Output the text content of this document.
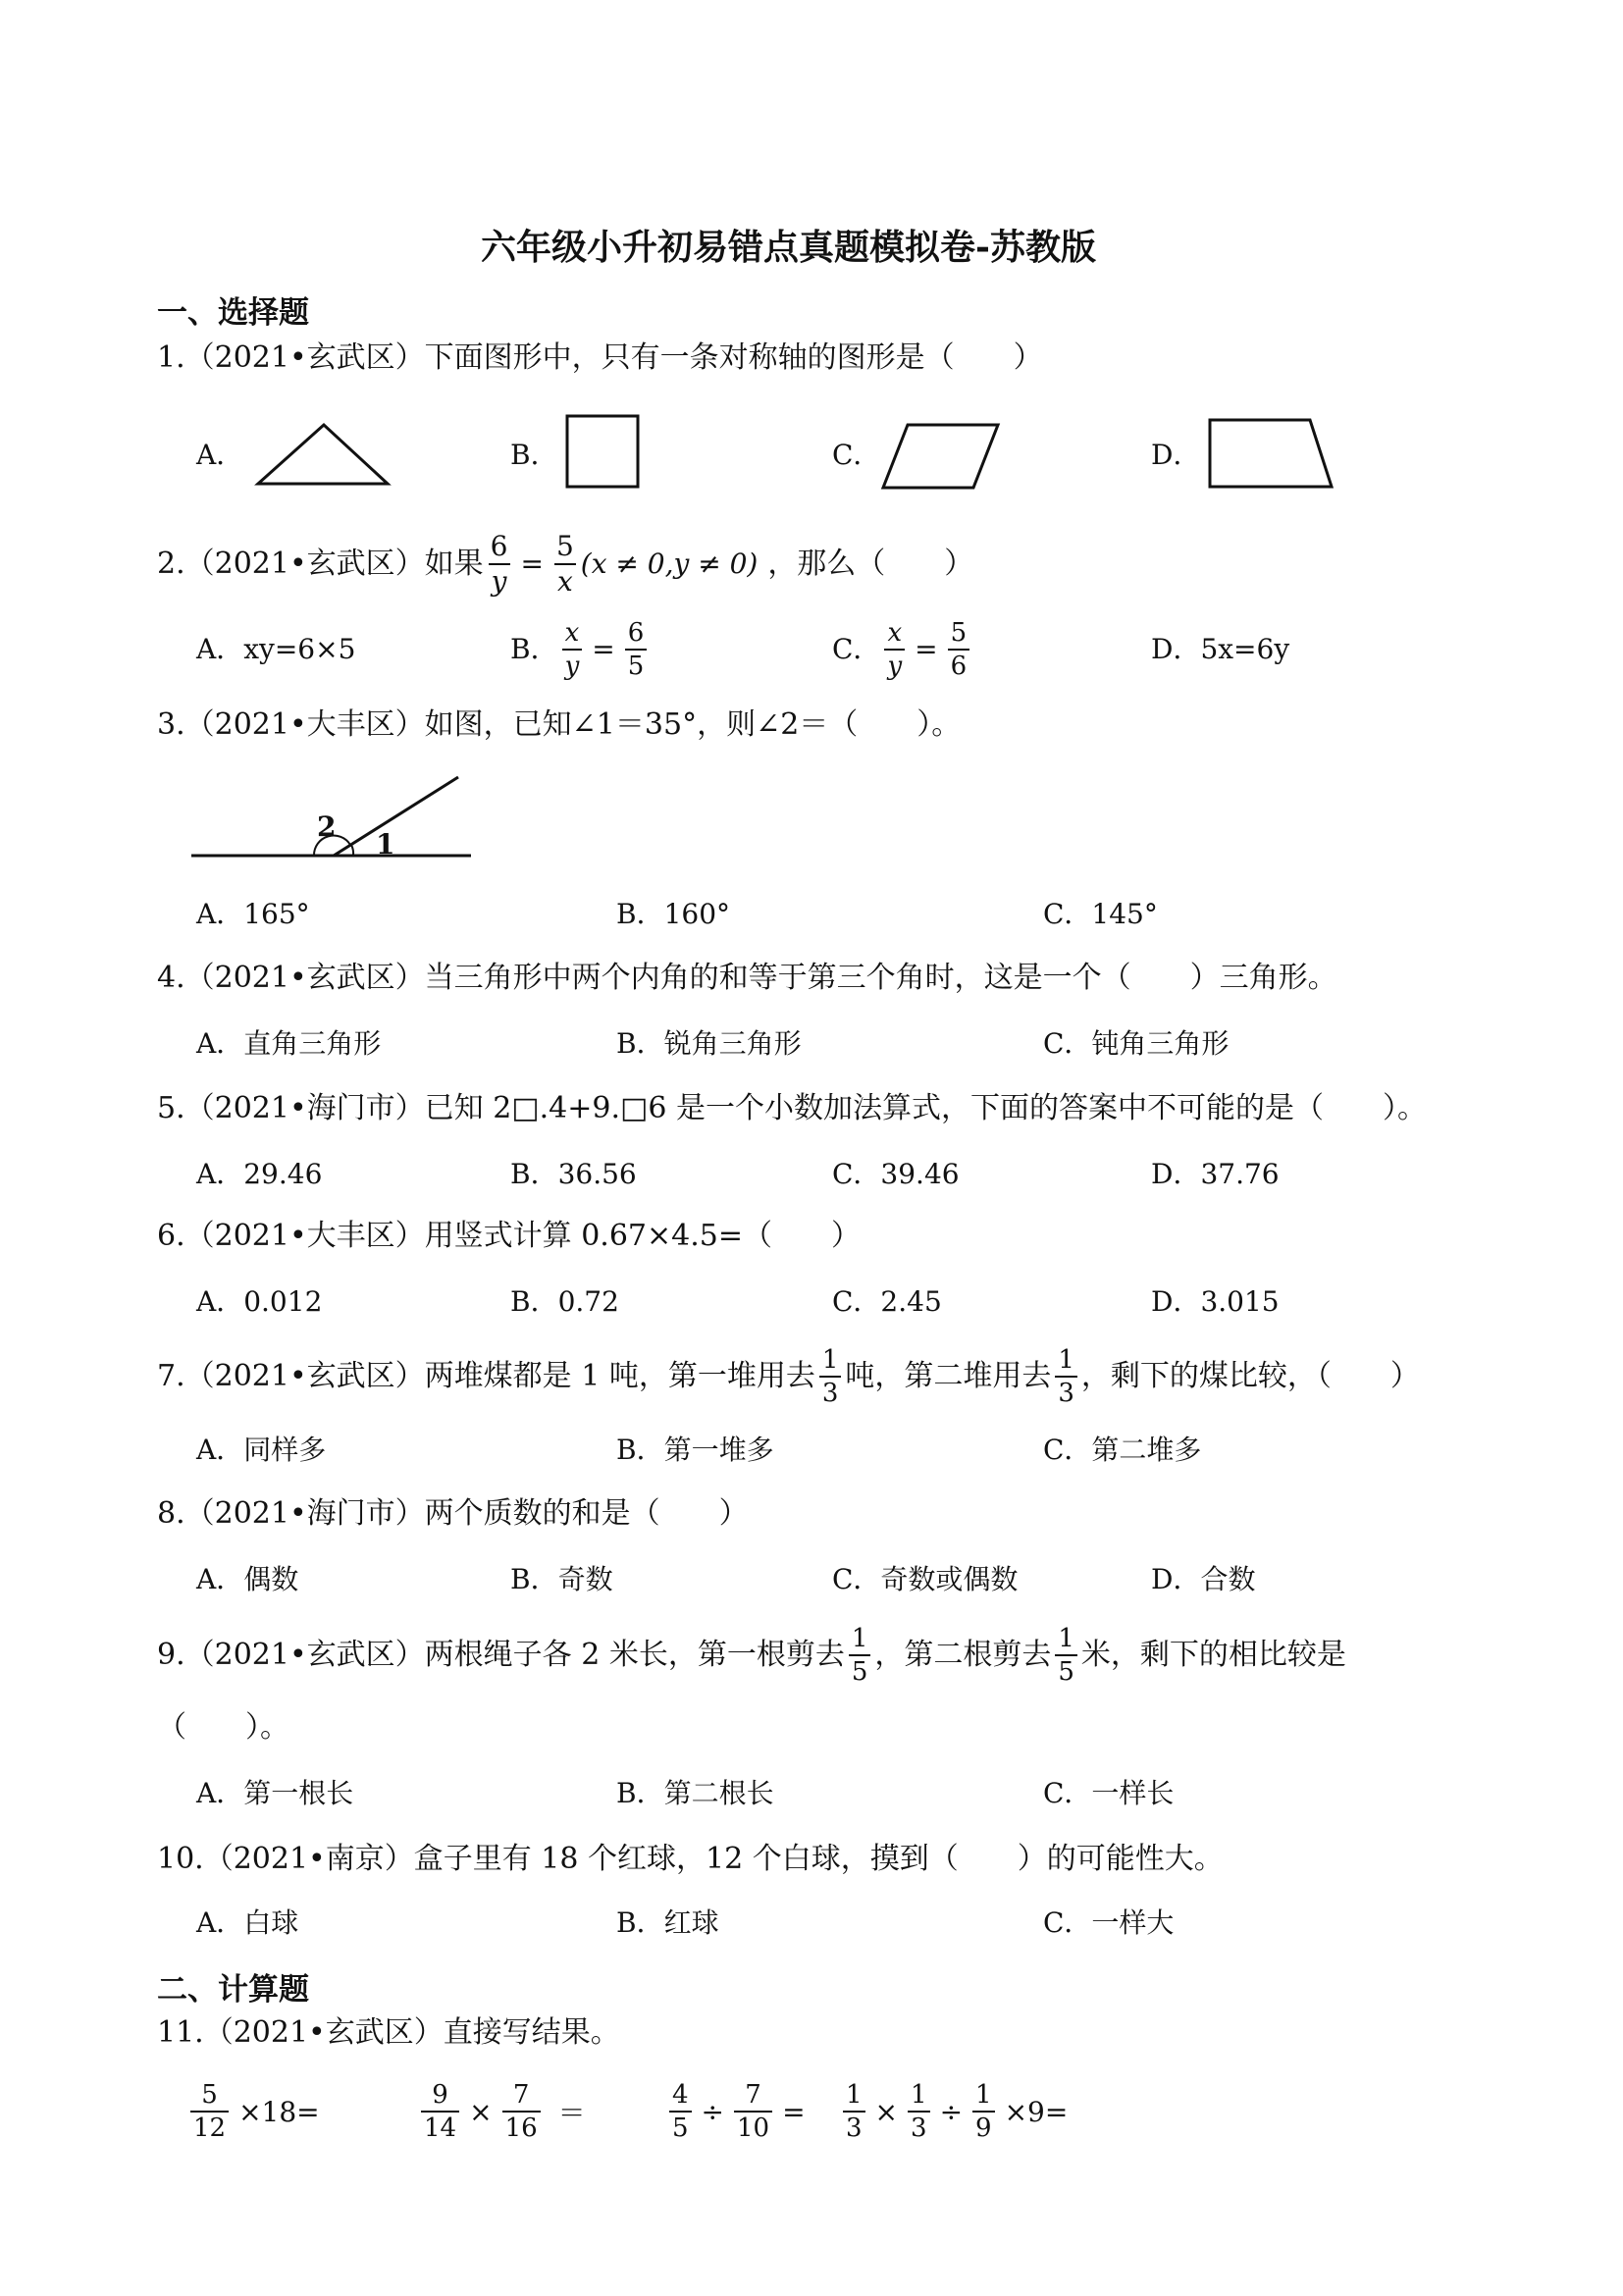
六年级小升初易错点真题模拟卷-苏教版
一、选择题
1.（2021•玄武区）下面图形中，只有一条对称轴的图形是（　　）
A．	B．	C．	D．
2.（2021•玄武区）如果 $\frac{6}{y} = \frac{5}{x} (x \ne 0,y \ne 0)$ ，那么（　　）
A．xy=6×5	B． $\frac{x}{y} = \frac{6}{5}$	C． $\frac{x}{y} = \frac{5}{6}$	D．5x=6y
3.（2021•大丰区）如图，已知∠1＝35°，则∠2＝（　　）。
1
2
A．165°	B．160°	C．145°
4.（2021•玄武区）当三角形中两个内角的和等于第三个角时，这是一个（　　）三角形。
A．直角三角形	B．锐角三角形	C．钝角三角形
5.（2021•海门市）已知 2□.4+9.□6 是一个小数加法算式，下面的答案中不可能的是（　　）。
A．29.46	B．36.56	C．39.46	D．37.76
6.（2021•大丰区）用竖式计算 0.67×4.5=（　　）
A．0.012	B．0.72	C．2.45	D．3.015
7.（2021•玄武区）两堆煤都是 1 吨，第一堆用去 $\frac{1}{3}$ 吨，第二堆用去 $\frac{1}{3}$ ，剩下的煤比较，（　　）
A．同样多	B．第一堆多	C．第二堆多
8.（2021•海门市）两个质数的和是（　　）
A．偶数	B．奇数	C．奇数或偶数	D．合数
9.（2021•玄武区）两根绳子各 2 米长，第一根剪去 $\frac{1}{5}$ ，第二根剪去 $\frac{1}{5}$ 米，剩下的相比较是
（　　）。
A．第一根长	B．第二根长	C．一样长
10.（2021•南京）盒子里有 18 个红球，12 个白球，摸到（　　）的可能性大。
A．白球	B．红球	C．一样大
二、计算题
11.（2021•玄武区）直接写结果。
$\frac{5}{12} \times 18=$	$\frac{9}{14} \times \frac{7}{16}$ ＝	$\frac{4}{5} \div \frac{7}{10} = \frac{1}{3} \times \frac{1}{3} \div \frac{1}{9} \times 9=$
